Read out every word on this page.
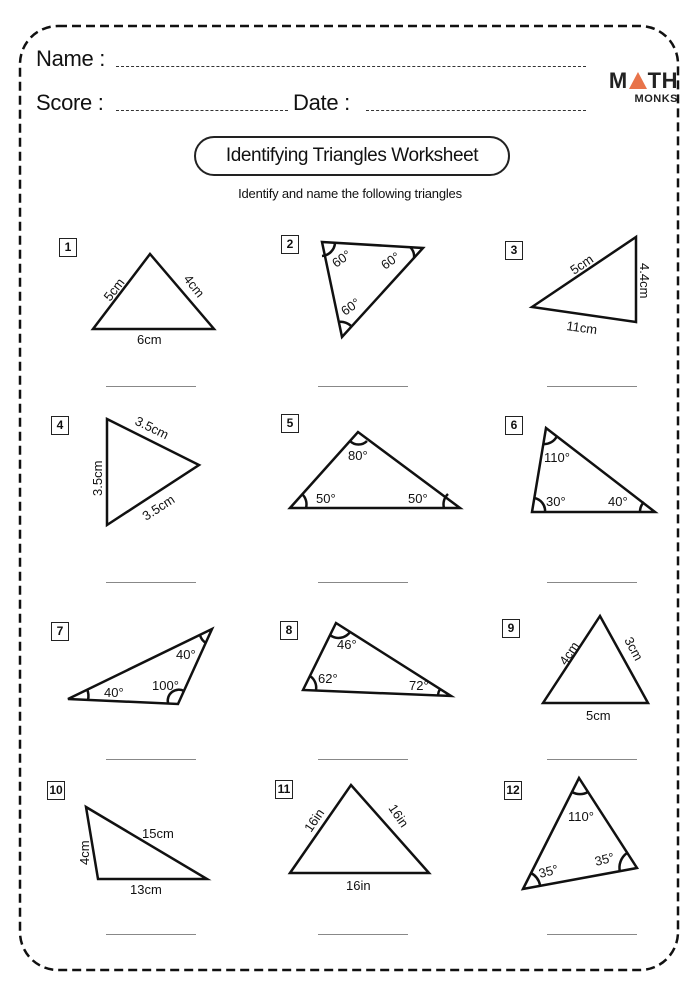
Name :
Score :	Date :
M TH
MONKS
Identifying Triangles Worksheet
Identify and name the following triangles
1	2	3
4	5	6
7	8	9
10	11	12
5cm	4cm
6cm
60° 60°
60°
5cm	4.4cm
11cm
3.5cm
3.5cm
3.5cm
80°
50°	50°
110°
30°	40°
40°
40°
100°
46°
62°	72°
4cm	3cm
5cm
4cm
15cm
13cm
16in	16in
16in
110°
35°
35°
